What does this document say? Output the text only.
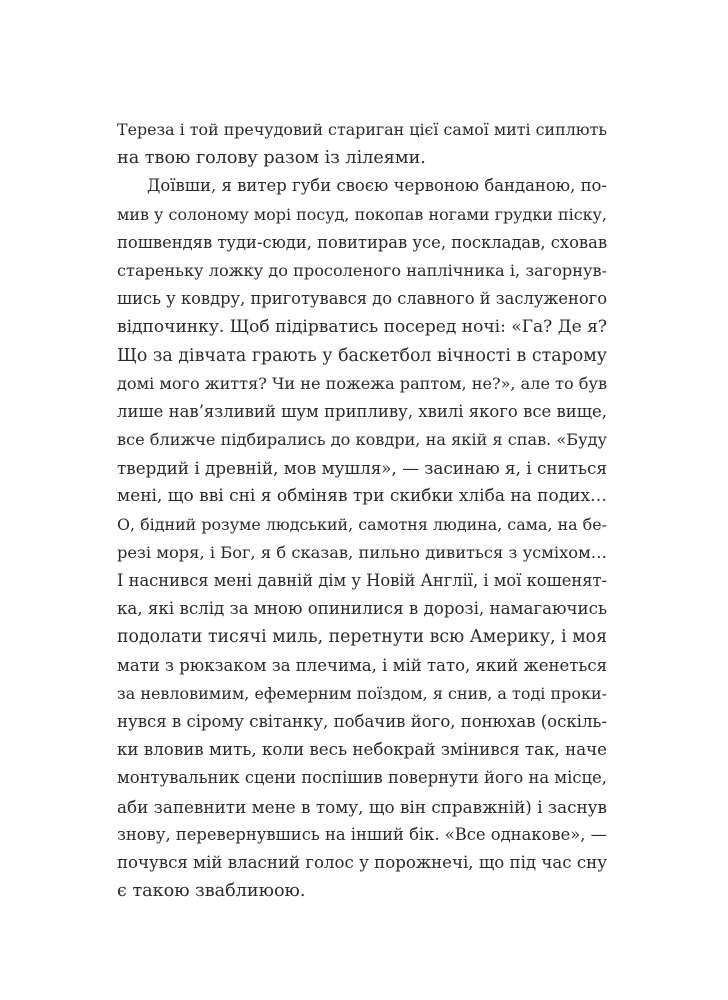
Тереза і той пречудовий стариган цієї самої миті сиплють
на твою голову разом із лілеями.
Доївши, я витер губи своєю червоною банданою, по-
мив у солоному морі посуд, покопав ногами грудки піску,
пошвендяв туди-сюди, повитирав усе, поскладав, сховав
стареньку ложку до просоленого наплічника і, загорнув-
шись у ковдру, приготувався до славного й заслуженого
відпочинку. Щоб підірватись посеред ночі: «Га? Де я?
Що за дівчата грають у баскетбол вічності в старому
домі мого життя? Чи не пожежа раптом, не?», але то був
лише нав’язливий шум припливу, хвилі якого все вище,
все ближче підбирались до ковдри, на якій я спав. «Буду
твердий і древній, мов мушля», — засинаю я, і сниться
мені, що вві сні я обміняв три скибки хліба на подих…
О, бідний розуме людський, самотня людина, сама, на бе-
резі моря, і Бог, я б сказав, пильно дивиться з усміхом…
І наснився мені давній дім у Новій Англії, і мої кошенят-
ка, які вслід за мною опинилися в дорозі, намагаючись
подолати тисячі миль, перетнути всю Америку, і моя
мати з рюкзаком за плечима, і мій тато, який женеться
за невловимим, ефемерним поїздом, я снив, а тоді проки-
нувся в сірому світанку, побачив його, понюхав (оскіль-
ки вловив мить, коли весь небокрай змінився так, наче
монтувальник сцени поспішив повернути його на місце,
аби запевнити мене в тому, що він справжній) і заснув
знову, перевернувшись на інший бік. «Все однакове», —
почувся мій власний голос у порожнечі, що під час сну
є такою зваблиюою.
